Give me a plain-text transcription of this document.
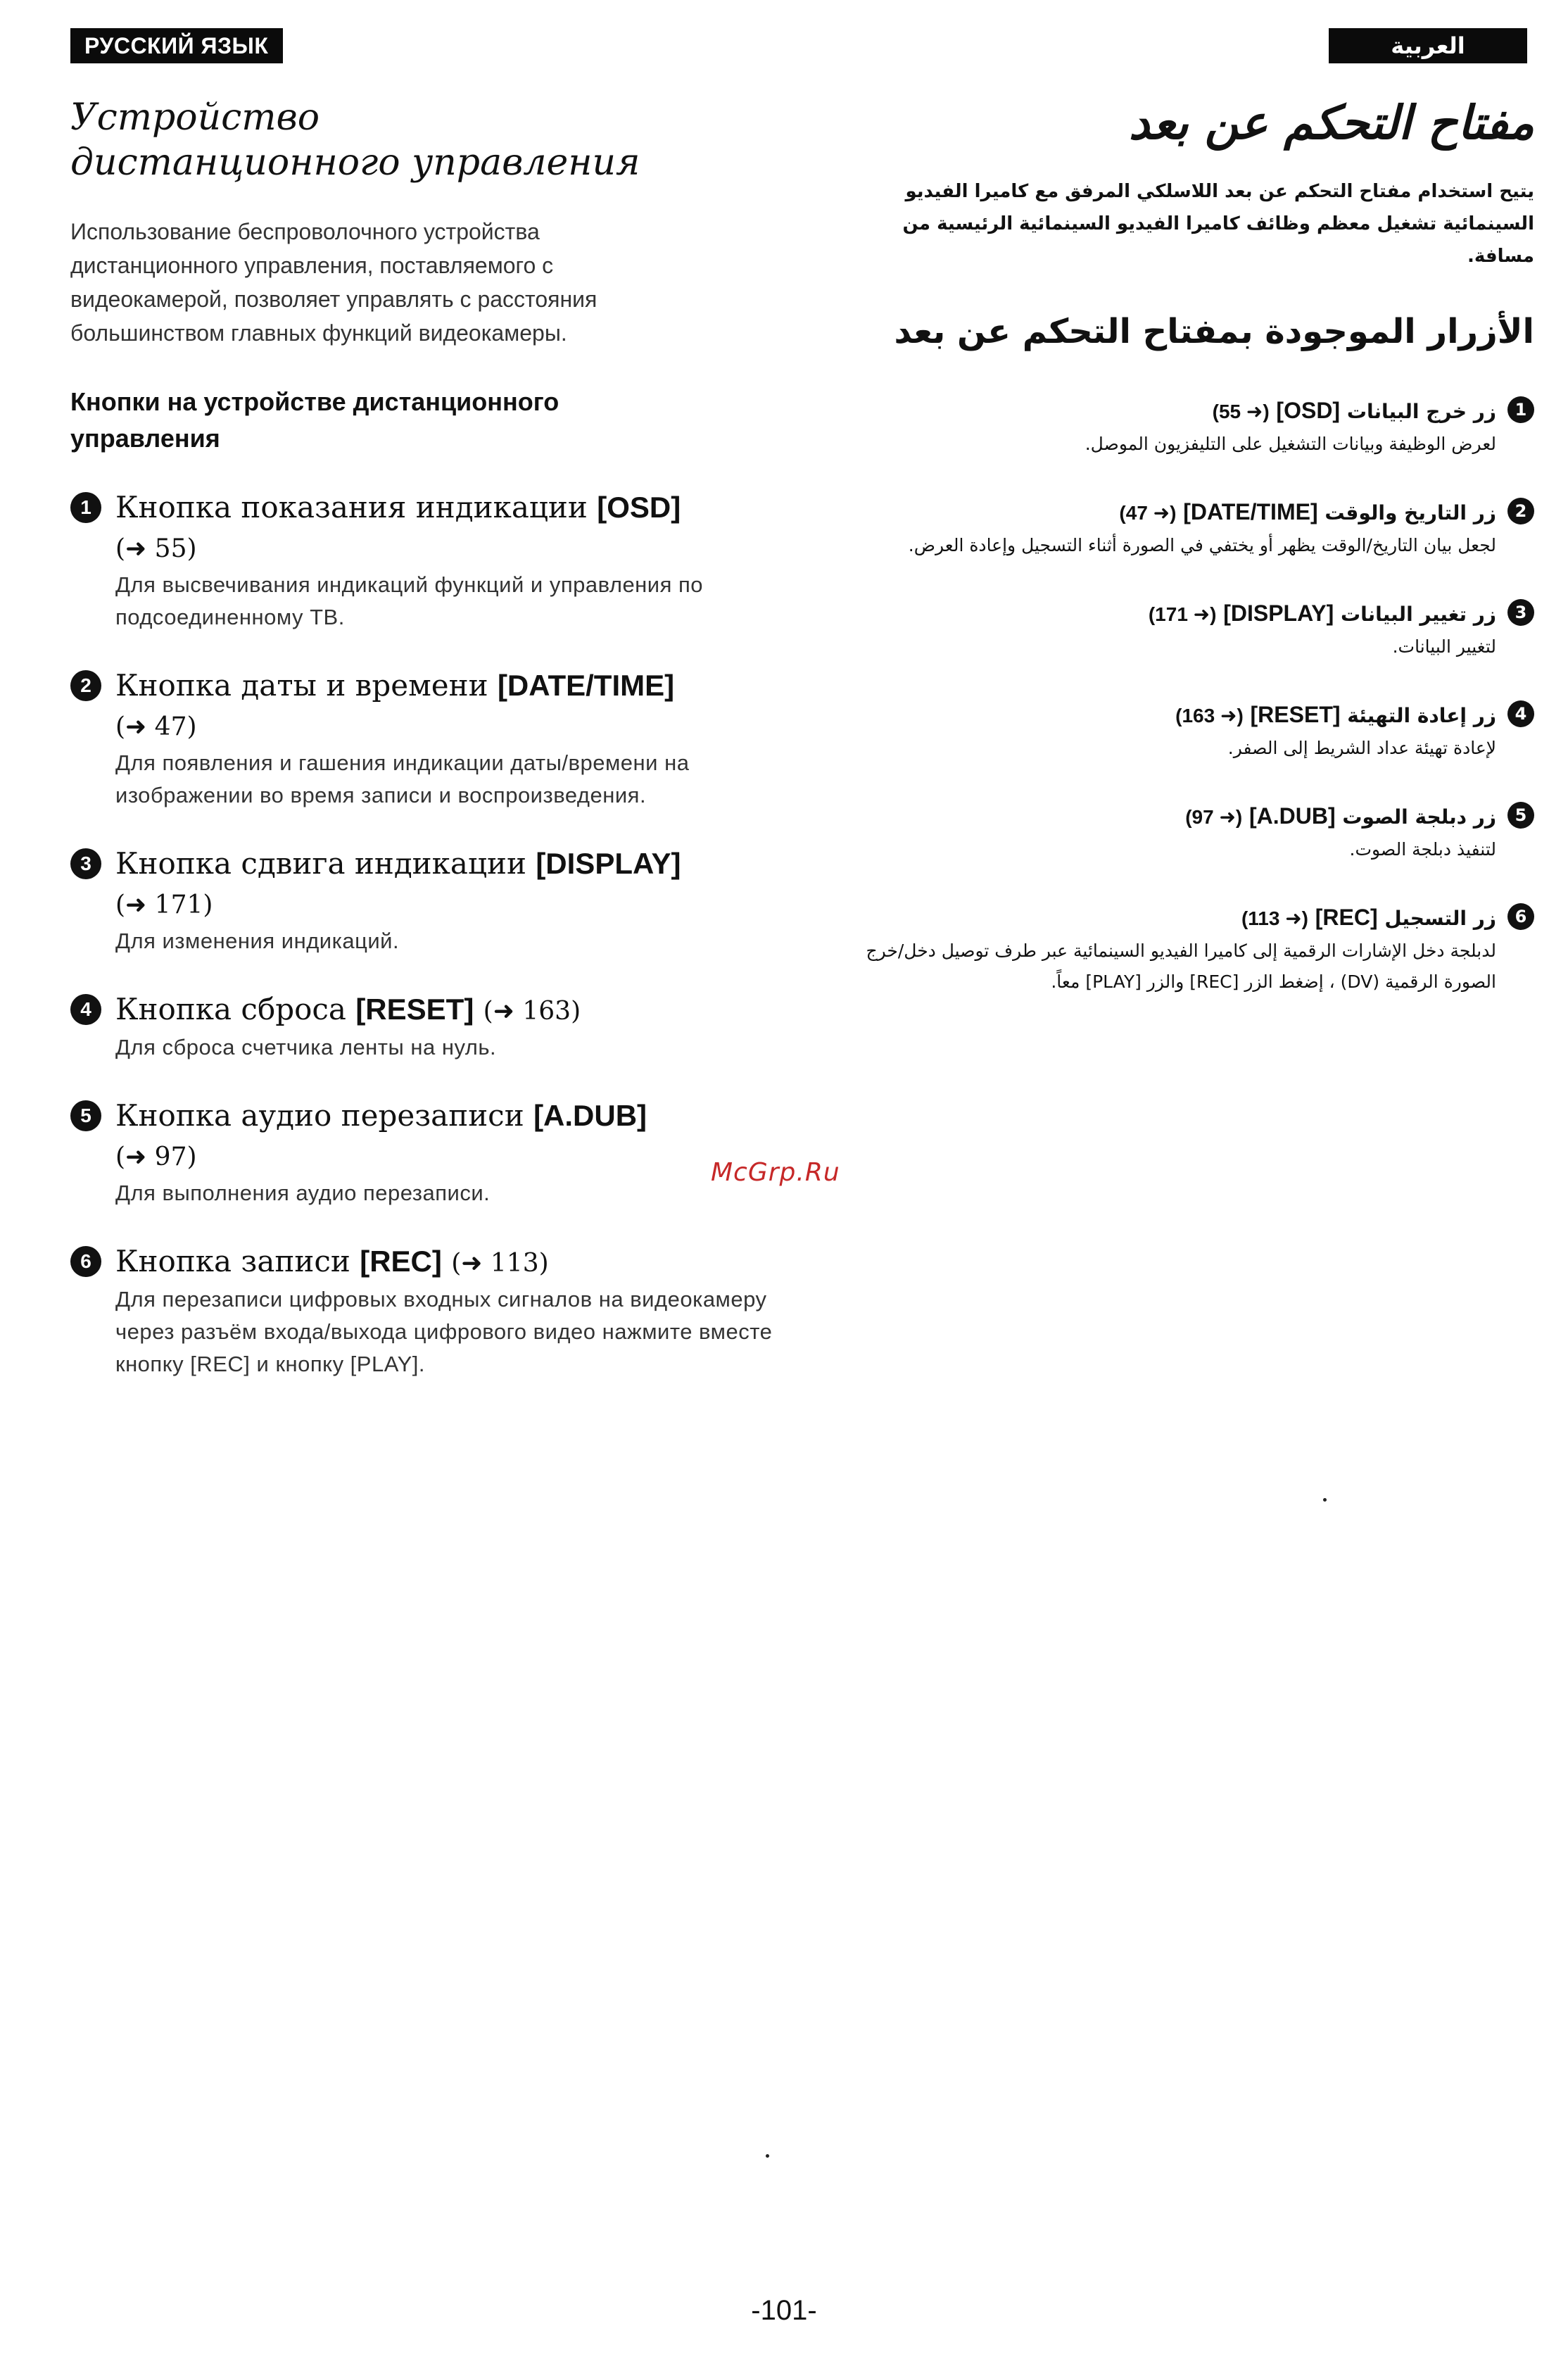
РУССКИЙ ЯЗЫК	العربية
Устройство дистанционного управления
Использование беспроволочного устройства дистанционного управления, поставляемого с видеокамерой, позволяет управлять с расстояния большинством главных функций видеокамеры.
Кнопки на устройстве дистанционного управления
1 Кнопка показания индикации [OSD]
(➜ 55)
Для высвечивания индикаций функций и управления по подсоединенному ТВ.
2 Кнопка даты и времени [DATE/TIME]
(➜ 47)
Для появления и гашения индикации даты/времени на изображении во время записи и воспроизведения.
3 Кнопка сдвига индикации [DISPLAY]
(➜ 171)
Для изменения индикаций.
4 Кнопка сброса [RESET] (➜ 163)
Для сброса счетчика ленты на нуль.
5 Кнопка аудио перезаписи [A.DUB]
(➜ 97)
Для выполнения аудио перезаписи.
6 Кнопка записи [REC] (➜ 113)
Для перезаписи цифровых входных сигналов на видеокамеру через разъём входа/выхода цифрового видео нажмите вместе кнопку [REC] и кнопку [PLAY].
مفتاح التحكم عن بعد
يتيح استخدام مفتاح التحكم عن بعد اللاسلكي المرفق مع كاميرا الفيديو السينمائية تشغيل معظم وظائف كاميرا الفيديو السينمائية الرئيسية من مسافة.
الأزرار الموجودة بمفتاح التحكم عن بعد
1
زر خرج البيانات [OSD] (55 ➜)
لعرض الوظيفة وبيانات التشغيل على التليفزيون الموصل.
2
زر التاريخ والوقت [DATE/TIME] (47 ➜)
لجعل بيان التاريخ/الوقت يظهر أو يختفي في الصورة أثناء التسجيل وإعادة العرض.
3
زر تغيير البيانات [DISPLAY] (171 ➜)
لتغيير البيانات.
4
زر إعادة التهيئة [RESET] (163 ➜)
لإعادة تهيئة عداد الشريط إلى الصفر.
5
زر دبلجة الصوت [A.DUB] (97 ➜)
لتنفيذ دبلجة الصوت.
6
زر التسجيل [REC] (113 ➜)
لدبلجة دخل الإشارات الرقمية إلى كاميرا الفيديو السينمائية عبر طرف توصيل دخل/خرج الصورة الرقمية (DV) ، إضغط الزر [REC] والزر [PLAY] معاً.
McGrp.Ru
-101-
